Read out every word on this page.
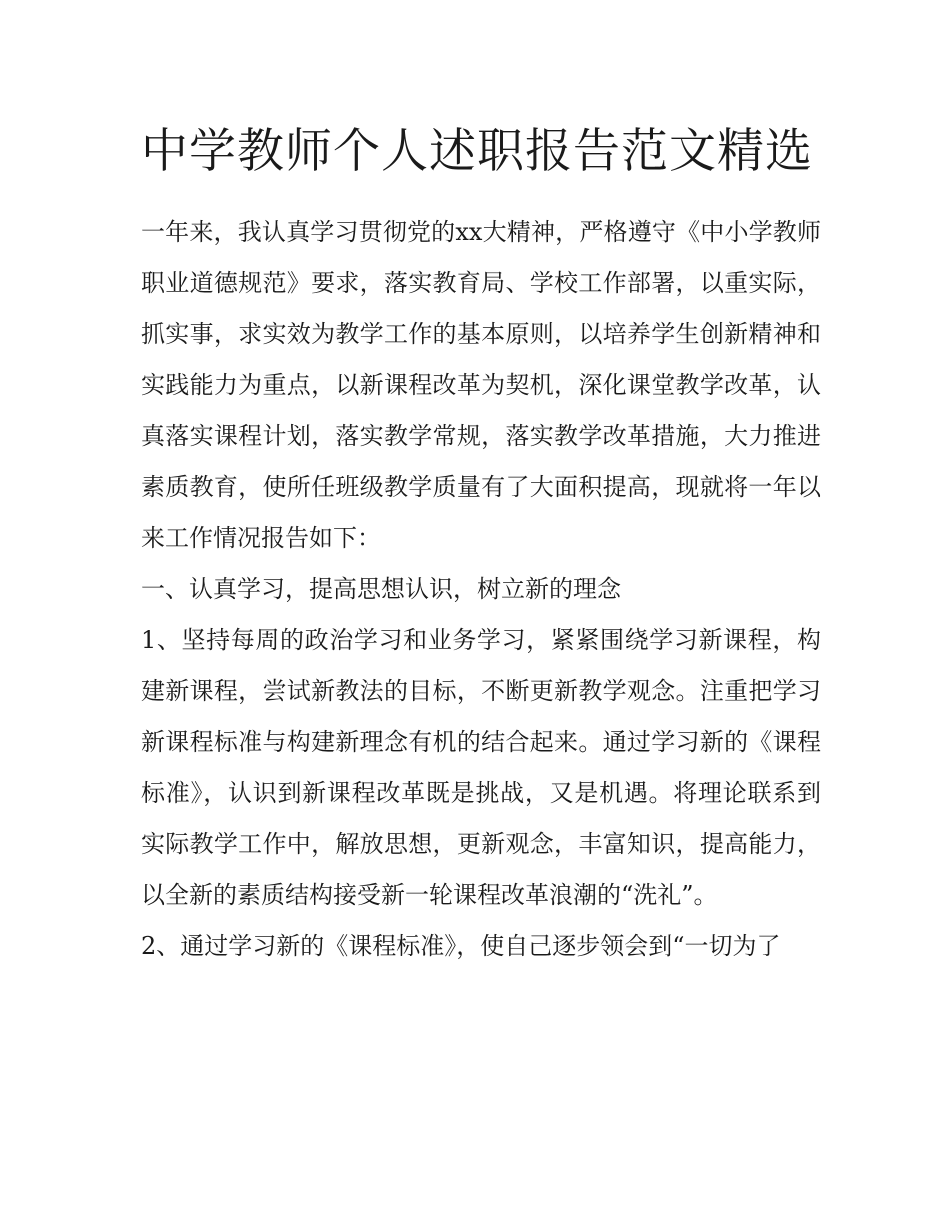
中学教师个人述职报告范文精选

一年来，我认真学习贯彻党的xx大精神，严格遵守《中小学教师职业道德规范》要求，落实教育局、学校工作部署，以重实际，抓实事，求实效为教学工作的基本原则，以培养学生创新精神和实践能力为重点，以新课程改革为契机，深化课堂教学改革，认真落实课程计划，落实教学常规，落实教学改革措施，大力推进素质教育，使所任班级教学质量有了大面积提高，现就将一年以来工作情况报告如下：

一、认真学习，提高思想认识，树立新的理念

1、坚持每周的政治学习和业务学习，紧紧围绕学习新课程，构建新课程，尝试新教法的目标，不断更新教学观念。注重把学习新课程标准与构建新理念有机的结合起来。通过学习新的《课程标准》，认识到新课程改革既是挑战，又是机遇。将理论联系到实际教学工作中，解放思想，更新观念，丰富知识，提高能力，以全新的素质结构接受新一轮课程改革浪潮的“洗礼”。

2、通过学习新的《课程标准》，使自己逐步领会到“一切为了
